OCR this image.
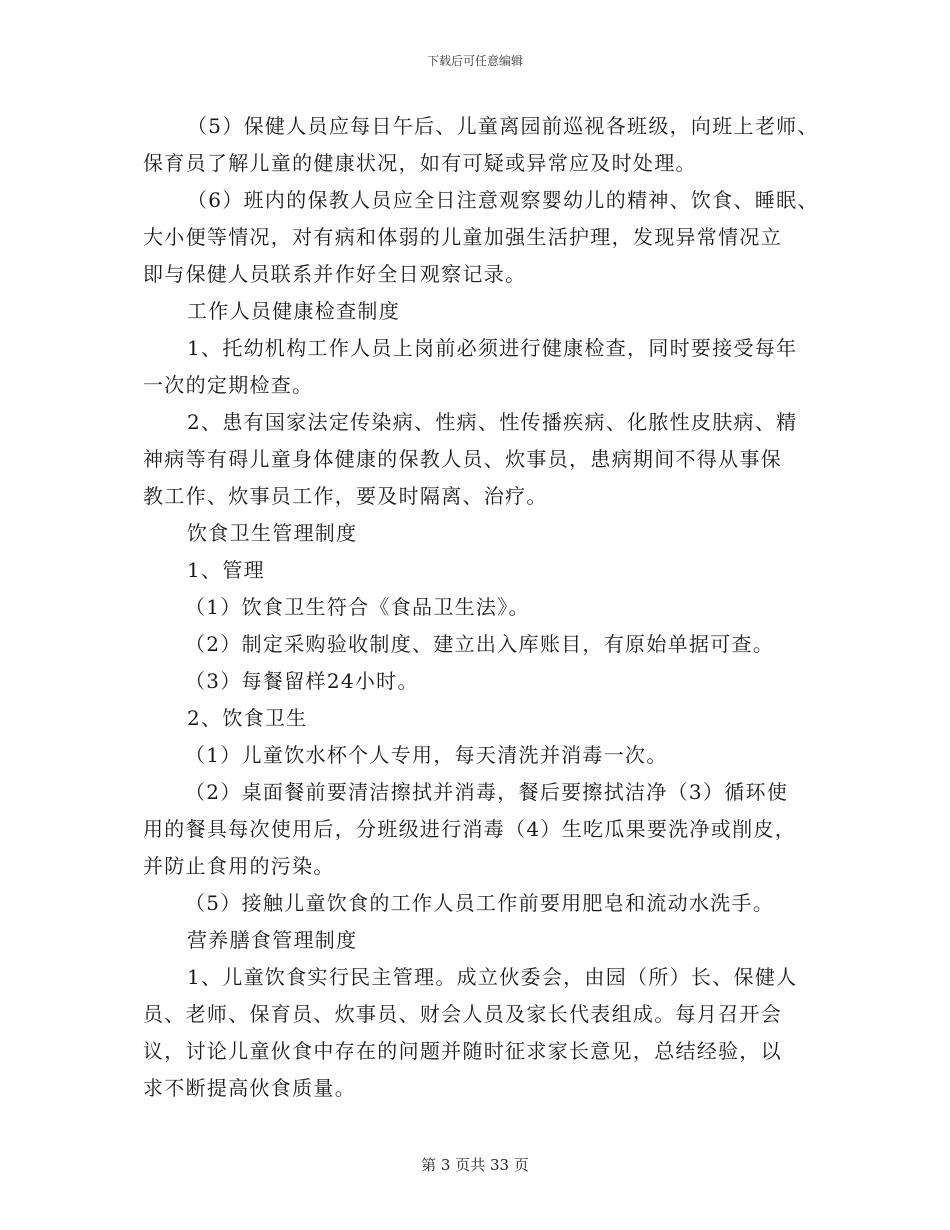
下载后可任意编辑
（5）保健人员应每日午后、儿童离园前巡视各班级，向班上老师、
保育员了解儿童的健康状况，如有可疑或异常应及时处理。
（6）班内的保教人员应全日注意观察婴幼儿的精神、饮食、睡眠、
大小便等情况，对有病和体弱的儿童加强生活护理，发现异常情况立
即与保健人员联系并作好全日观察记录。
工作人员健康检查制度
1、托幼机构工作人员上岗前必须进行健康检查，同时要接受每年
一次的定期检查。
2、患有国家法定传染病、性病、性传播疾病、化脓性皮肤病、精
神病等有碍儿童身体健康的保教人员、炊事员，患病期间不得从事保
教工作、炊事员工作，要及时隔离、治疗。
饮食卫生管理制度
1、管理
（1）饮食卫生符合《食品卫生法》。
（2）制定采购验收制度、建立出入库账目，有原始单据可查。
（3）每餐留样24小时。
2、饮食卫生
（1）儿童饮水杯个人专用，每天清洗并消毒一次。
（2）桌面餐前要清洁擦拭并消毒，餐后要擦拭洁净（3）循环使
用的餐具每次使用后，分班级进行消毒（4）生吃瓜果要洗净或削皮，
并防止食用的污染。
（5）接触儿童饮食的工作人员工作前要用肥皂和流动水洗手。
营养膳食管理制度
1、儿童饮食实行民主管理。成立伙委会，由园（所）长、保健人
员、老师、保育员、炊事员、财会人员及家长代表组成。每月召开会
议，讨论儿童伙食中存在的问题并随时征求家长意见，总结经验，以
求不断提高伙食质量。
第 3 页共 33 页
